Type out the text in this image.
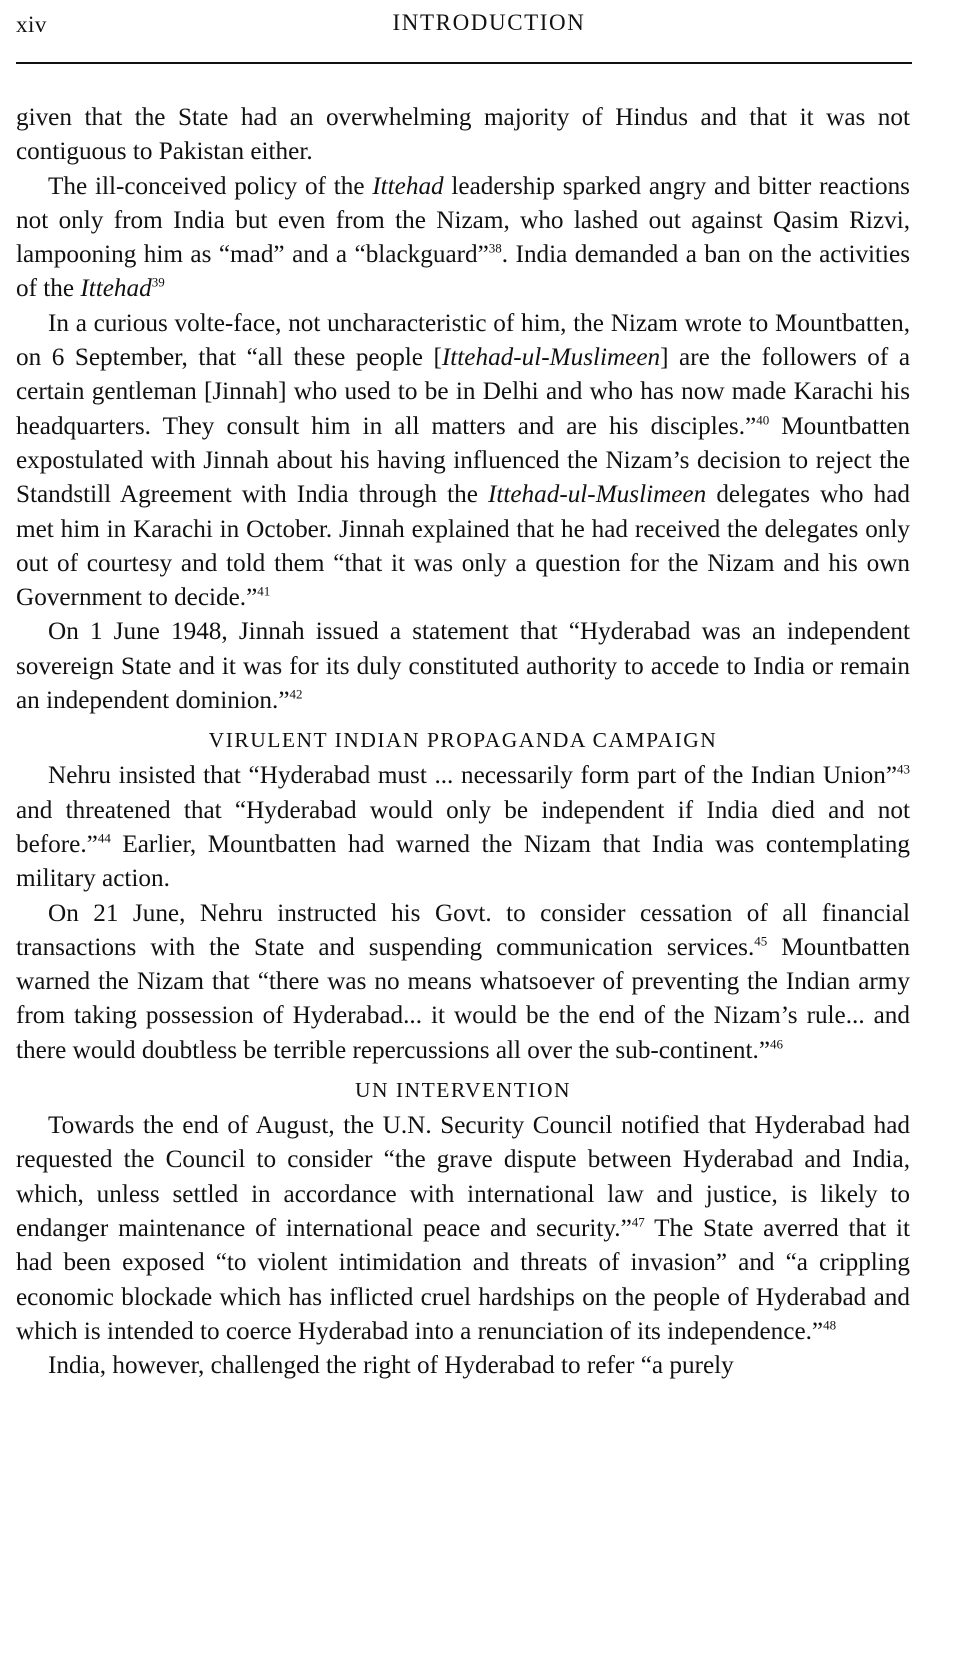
xiv	INTRODUCTION

given that the State had an overwhelming majority of Hindus and that it was not contiguous to Pakistan either.

The ill-conceived policy of the Ittehad leadership sparked angry and bitter reactions not only from India but even from the Nizam, who lashed out against Qasim Rizvi, lampooning him as “mad” and a “blackguard”$^{38}$. India demanded a ban on the activities of the Ittehad$^{39}$

In a curious volte-face, not uncharacteristic of him, the Nizam wrote to Mountbatten, on 6 September, that “all these people [Ittehad-ul-Muslimeen] are the followers of a certain gentleman [Jinnah] who used to be in Delhi and who has now made Karachi his headquarters. They consult him in all matters and are his disciples.”$^{40}$ Mountbatten expostulated with Jinnah about his having influenced the Nizam’s decision to reject the Standstill Agreement with India through the Ittehad-ul-Muslimeen delegates who had met him in Karachi in October. Jinnah explained that he had received the delegates only out of courtesy and told them “that it was only a question for the Nizam and his own Government to decide.”$^{41}$

On 1 June 1948, Jinnah issued a statement that “Hyderabad was an independent sovereign State and it was for its duly constituted authority to accede to India or remain an independent dominion.”$^{42}$

VIRULENT INDIAN PROPAGANDA CAMPAIGN

Nehru insisted that “Hyderabad must ... necessarily form part of the Indian Union”$^{43}$ and threatened that “Hyderabad would only be independent if India died and not before.”$^{44}$ Earlier, Mountbatten had warned the Nizam that India was contemplating military action.

On 21 June, Nehru instructed his Govt. to consider cessation of all financial transactions with the State and suspending communication services.$^{45}$ Mountbatten warned the Nizam that “there was no means whatsoever of preventing the Indian army from taking possession of Hyderabad... it would be the end of the Nizam’s rule... and there would doubtless be terrible repercussions all over the sub-continent.”$^{46}$

UN INTERVENTION

Towards the end of August, the U.N. Security Council notified that Hyderabad had requested the Council to consider “the grave dispute between Hyderabad and India, which, unless settled in accordance with international law and justice, is likely to endanger maintenance of international peace and security.”$^{47}$ The State averred that it had been exposed “to violent intimidation and threats of invasion” and “a crippling economic blockade which has inflicted cruel hardships on the people of Hyderabad and which is intended to coerce Hyderabad into a renunciation of its independence.”$^{48}$

India, however, challenged the right of Hyderabad to refer “a purely
